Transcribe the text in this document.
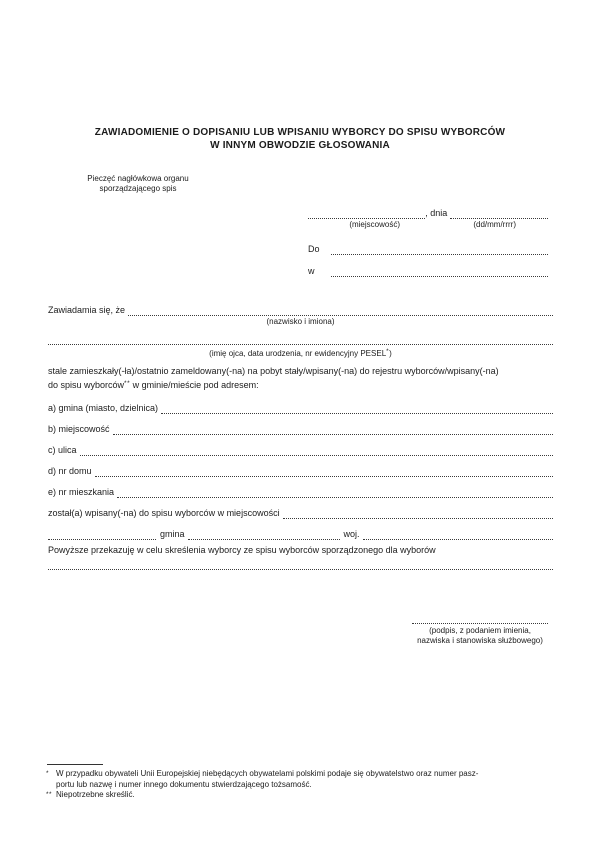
ZAWIADOMIENIE O DOPISANIU LUB WPISANIU WYBORCY DO SPISU WYBORCÓW
W INNYM OBWODZIE GŁOSOWANIA
Pieczęć nagłówkowa organu
sporządzającego spis
, dnia
(miejscowość)	(dd/mm/rrrr)
Do
w
Zawiadamia się, że
(nazwisko i imiona)
(imię ojca, data urodzenia, nr ewidencyjny PESEL*)
stale zamieszkały(-ła)/ostatnio zameldowany(-na) na pobyt stały/wpisany(-na) do rejestru wyborców/wpisany(-na)
do spisu wyborców** w gminie/mieście pod adresem:
a) gmina (miasto, dzielnica)
b) miejscowość
c) ulica
d) nr domu
e) nr mieszkania
został(a) wpisany(-na) do spisu wyborców w miejscowości
gmina	woj.
Powyższe przekazuję w celu skreślenia wyborcy ze spisu wyborców sporządzonego dla wyborów
(podpis, z podaniem imienia,
nazwiska i stanowiska służbowego)
* W przypadku obywateli Unii Europejskiej niebędących obywatelami polskimi podaje się obywatelstwo oraz numer pasz-
portu lub nazwę i numer innego dokumentu stwierdzającego tożsamość.
** Niepotrzebne skreślić.
